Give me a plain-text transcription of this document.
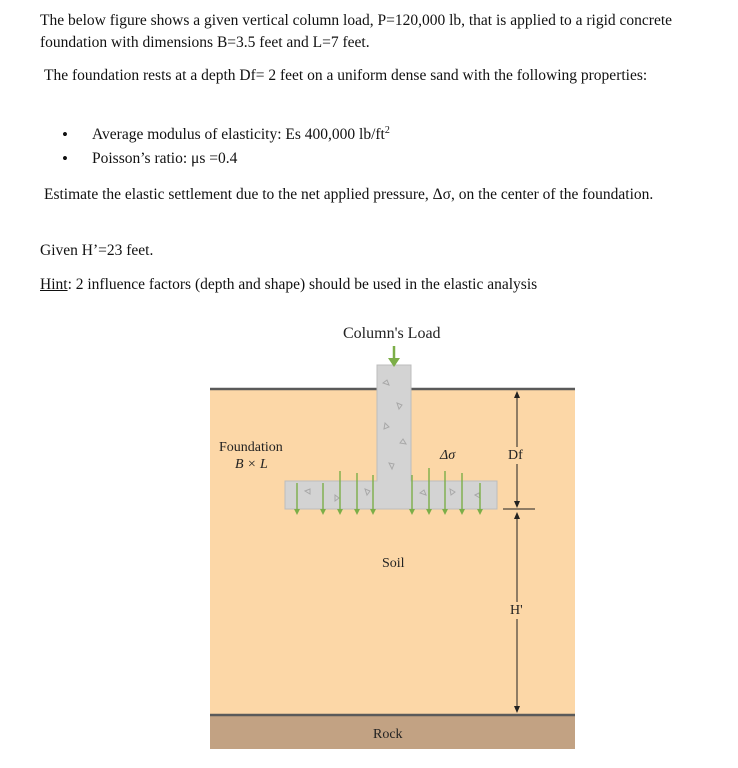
The below figure shows a given vertical column load, P=120,000 lb, that is applied to a rigid concrete foundation with dimensions B=3.5 feet and L=7 feet.

The foundation rests at a depth Df= 2 feet on a uniform dense sand with the following properties:

• Average modulus of elasticity: Es 400,000 $lb/ft^2$
• Poisson’s ratio: μs =0.4

Estimate the elastic settlement due to the net applied pressure, Δσ, on the center of the foundation.

Given H’=23 feet.

Hint: 2 influence factors (depth and shape) should be used in the elastic analysis

Column's Load
Foundation
B × L
Δσ	Df
Soil
H'
Rock
